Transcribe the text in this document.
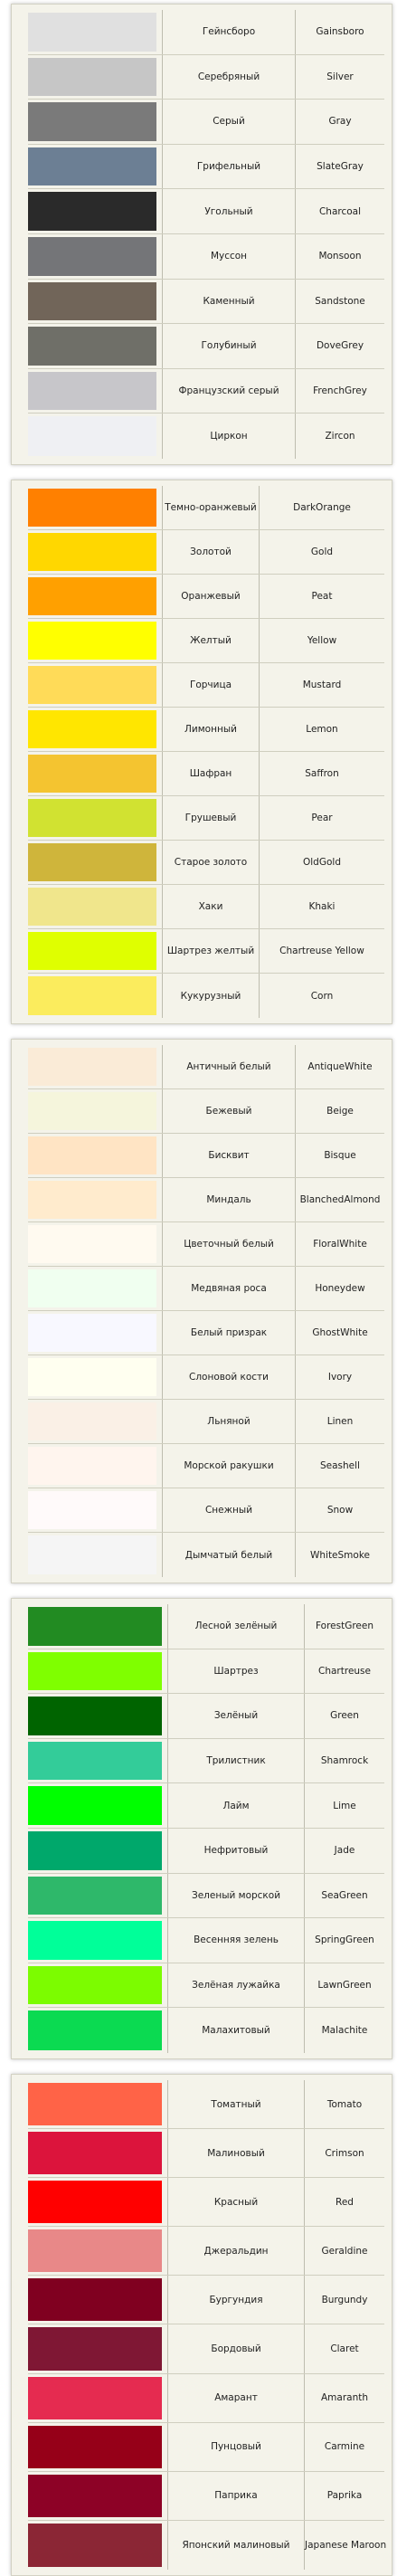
Гейнсборо	Gainsboro
Серебряный	Silver
Серый	Gray
Грифельный	SlateGray
Угольный	Charcoal
Муссон	Monsoon
Каменный	Sandstone
Голубиный	DoveGrey
Французский серый	FrenchGrey
Циркон	Zircon
Темно-оранжевый	DarkOrange
Золотой	Gold
Оранжевый	Peat
Желтый	Yellow
Горчица	Mustard
Лимонный	Lemon
Шафран	Saffron
Грушевый	Pear
Старое золото	OldGold
Хаки	Khaki
Шартрез желтый	Chartreuse Yellow
Кукурузный	Corn
Античный белый	AntiqueWhite
Бежевый	Beige
Бисквит	Bisque
Миндаль	BlanchedAlmond
Цветочный белый	FloralWhite
Медвяная роса	Honeydew
Белый призрак	GhostWhite
Слоновой кости	Ivory
Льняной	Linen
Морской ракушки	Seashell
Снежный	Snow
Дымчатый белый	WhiteSmoke
Лесной зелёный	ForestGreen
Шартрез	Chartreuse
Зелёный	Green
Трилистник	Shamrock
Лайм	Lime
Нефритовый	Jade
Зеленый морской	SeaGreen
Весенняя зелень	SpringGreen
Зелёная лужайка	LawnGreen
Малахитовый	Malachite
Томатный	Tomato
Малиновый	Crimson
Красный	Red
Джеральдин	Geraldine
Бургундия	Burgundy
Бордовый	Claret
Амарант	Amaranth
Пунцовый	Carmine
Паприка	Paprika
Японский малиновый	Japanese Maroon
